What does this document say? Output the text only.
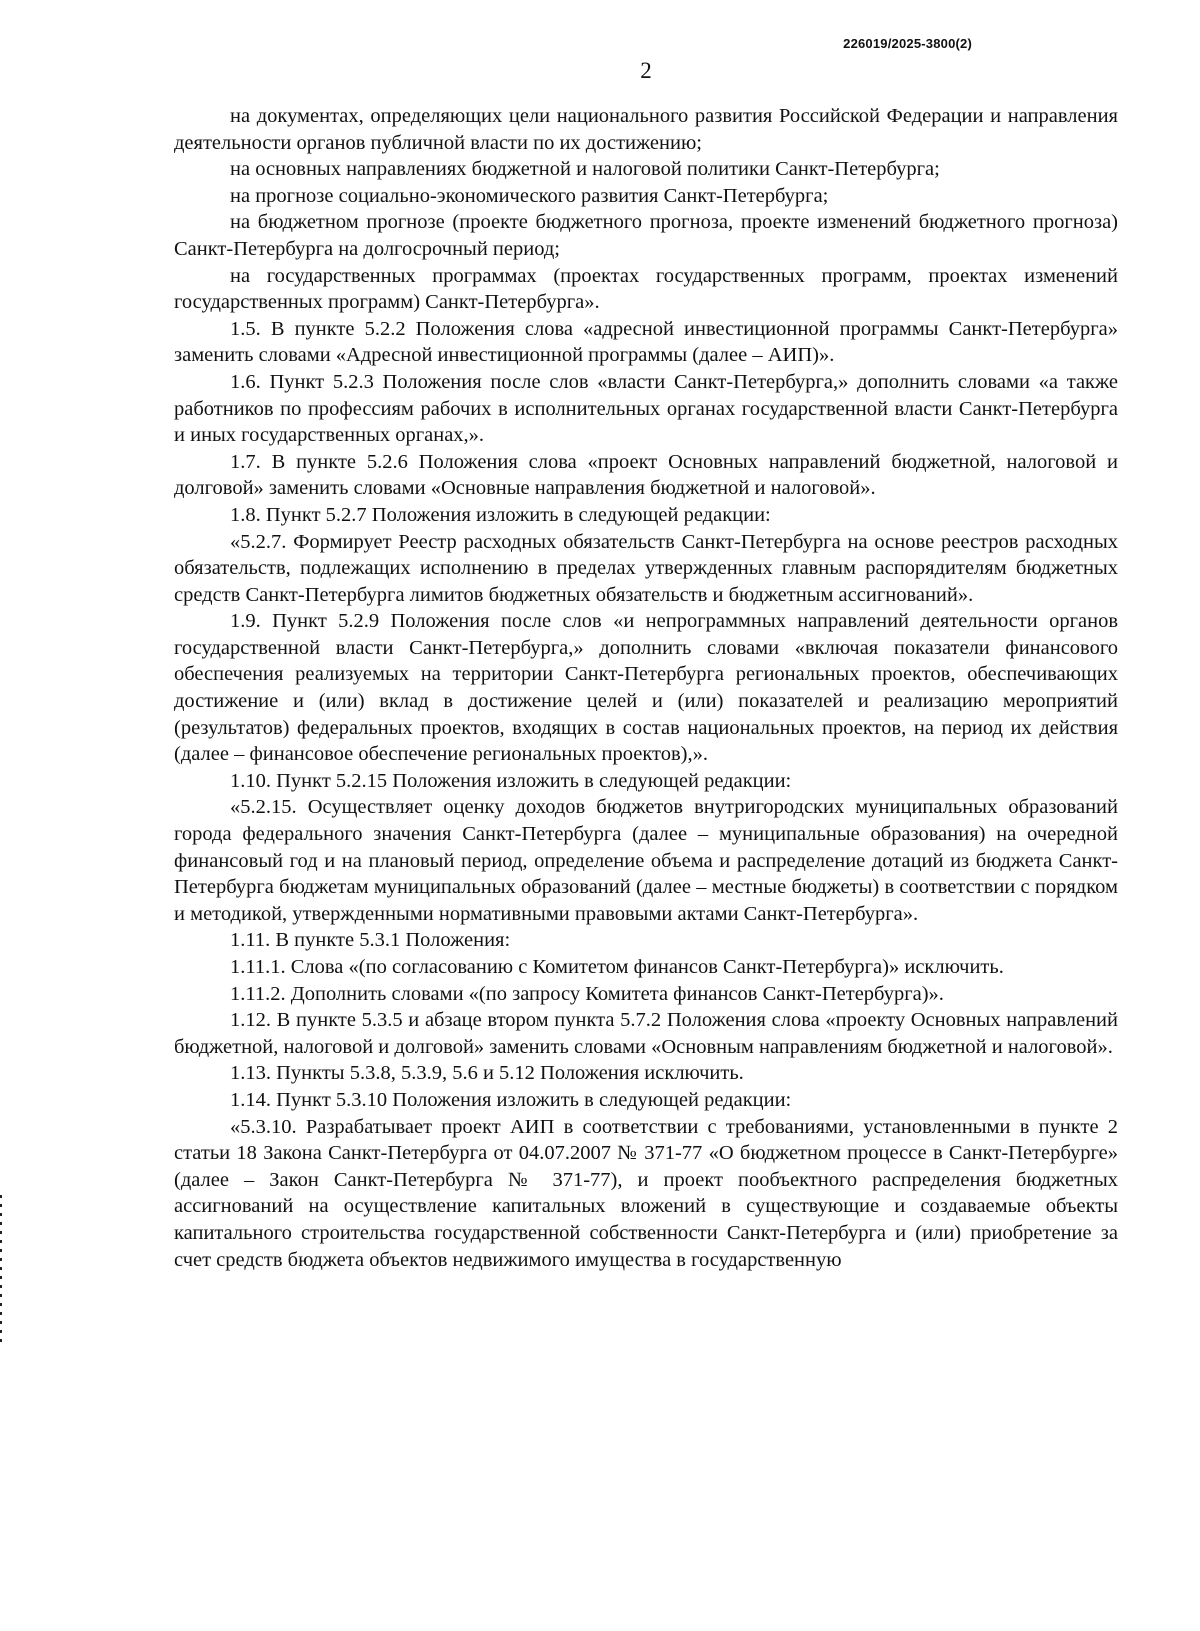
226019/2025-3800(2)
2

на документах, определяющих цели национального развития Российской Федерации и направления деятельности органов публичной власти по их достижению;

на основных направлениях бюджетной и налоговой политики Санкт-Петербурга;

на прогнозе социально-экономического развития Санкт-Петербурга;

на бюджетном прогнозе (проекте бюджетного прогноза, проекте изменений бюджетного прогноза) Санкт-Петербурга на долгосрочный период;

на государственных программах (проектах государственных программ, проектах изменений государственных программ) Санкт-Петербурга».

1.5. В пункте 5.2.2 Положения слова «адресной инвестиционной программы Санкт-Петербурга» заменить словами «Адресной инвестиционной программы (далее – АИП)».

1.6. Пункт 5.2.3 Положения после слов «власти Санкт-Петербурга,» дополнить словами «а также работников по профессиям рабочих в исполнительных органах государственной власти Санкт-Петербурга и иных государственных органах,».

1.7. В пункте 5.2.6 Положения слова «проект Основных направлений бюджетной, налоговой и долговой» заменить словами «Основные направления бюджетной и налоговой».

1.8. Пункт 5.2.7 Положения изложить в следующей редакции:

«5.2.7. Формирует Реестр расходных обязательств Санкт-Петербурга на основе реестров расходных обязательств, подлежащих исполнению в пределах утвержденных главным распорядителям бюджетных средств Санкт-Петербурга лимитов бюджетных обязательств и бюджетным ассигнований».

1.9. Пункт 5.2.9 Положения после слов «и непрограммных направлений деятельности органов государственной власти Санкт-Петербурга,» дополнить словами «включая показатели финансового обеспечения реализуемых на территории Санкт-Петербурга региональных проектов, обеспечивающих достижение и (или) вклад в достижение целей и (или) показателей и реализацию мероприятий (результатов) федеральных проектов, входящих в состав национальных проектов, на период их действия (далее – финансовое обеспечение региональных проектов),».

1.10. Пункт 5.2.15 Положения изложить в следующей редакции:

«5.2.15. Осуществляет оценку доходов бюджетов внутригородских муниципальных образований города федерального значения Санкт-Петербурга (далее – муниципальные образования) на очередной финансовый год и на плановый период, определение объема и распределение дотаций из бюджета Санкт-Петербурга бюджетам муниципальных образований (далее – местные бюджеты) в соответствии с порядком и методикой, утвержденными нормативными правовыми актами Санкт-Петербурга».

1.11. В пункте 5.3.1 Положения:

1.11.1. Слова «(по согласованию с Комитетом финансов Санкт-Петербурга)» исключить.

1.11.2. Дополнить словами «(по запросу Комитета финансов Санкт-Петербурга)».

1.12. В пункте 5.3.5 и абзаце втором пункта 5.7.2 Положения слова «проекту Основных направлений бюджетной, налоговой и долговой» заменить словами «Основным направлениям бюджетной и налоговой».

1.13. Пункты 5.3.8, 5.3.9, 5.6 и 5.12 Положения исключить.

1.14. Пункт 5.3.10 Положения изложить в следующей редакции:

«5.3.10. Разрабатывает проект АИП в соответствии с требованиями, установленными в пункте 2 статьи 18 Закона Санкт-Петербурга от 04.07.2007 № 371-77 «О бюджетном процессе в Санкт-Петербурге» (далее – Закон Санкт-Петербурга № 371-77), и проект пообъектного распределения бюджетных ассигнований на осуществление капитальных вложений в существующие и создаваемые объекты капитального строительства государственной собственности Санкт-Петербурга и (или) приобретение за счет средств бюджета объектов недвижимого имущества в государственную
